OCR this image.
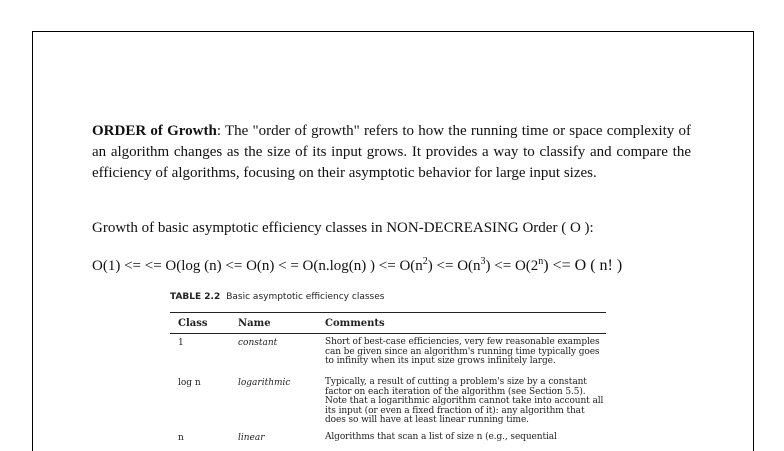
ORDER of Growth: The "order of growth" refers to how the running time or space complexity of an algorithm changes as the size of its input grows. It provides a way to classify and compare the efficiency of algorithms, focusing on their asymptotic behavior for large input sizes.

Growth of basic asymptotic efficiency classes in NON-DECREASING Order ( O ):

O(1) <= <= O(log (n) <= O(n) < = O(n.log(n) ) <= $O(n^2) <= O(n^3) <= O(2^n) <= O$ ( n! )

TABLE 2.2 Basic asymptotic efficiency classes
Class	Name	Comments
1	constant	Short of best-case efficiencies, very few reasonable examples can be given since an algorithm's running time typically goes to infinity when its input size grows infinitely large.
log n	logarithmic	Typically, a result of cutting a problem's size by a constant factor on each iteration of the algorithm (see Section 5.5). Note that a logarithmic algorithm cannot take into account all its input (or even a fixed fraction of it): any algorithm that does so will have at least linear running time.
n	linear	Algorithms that scan a list of size n (e.g., sequential
